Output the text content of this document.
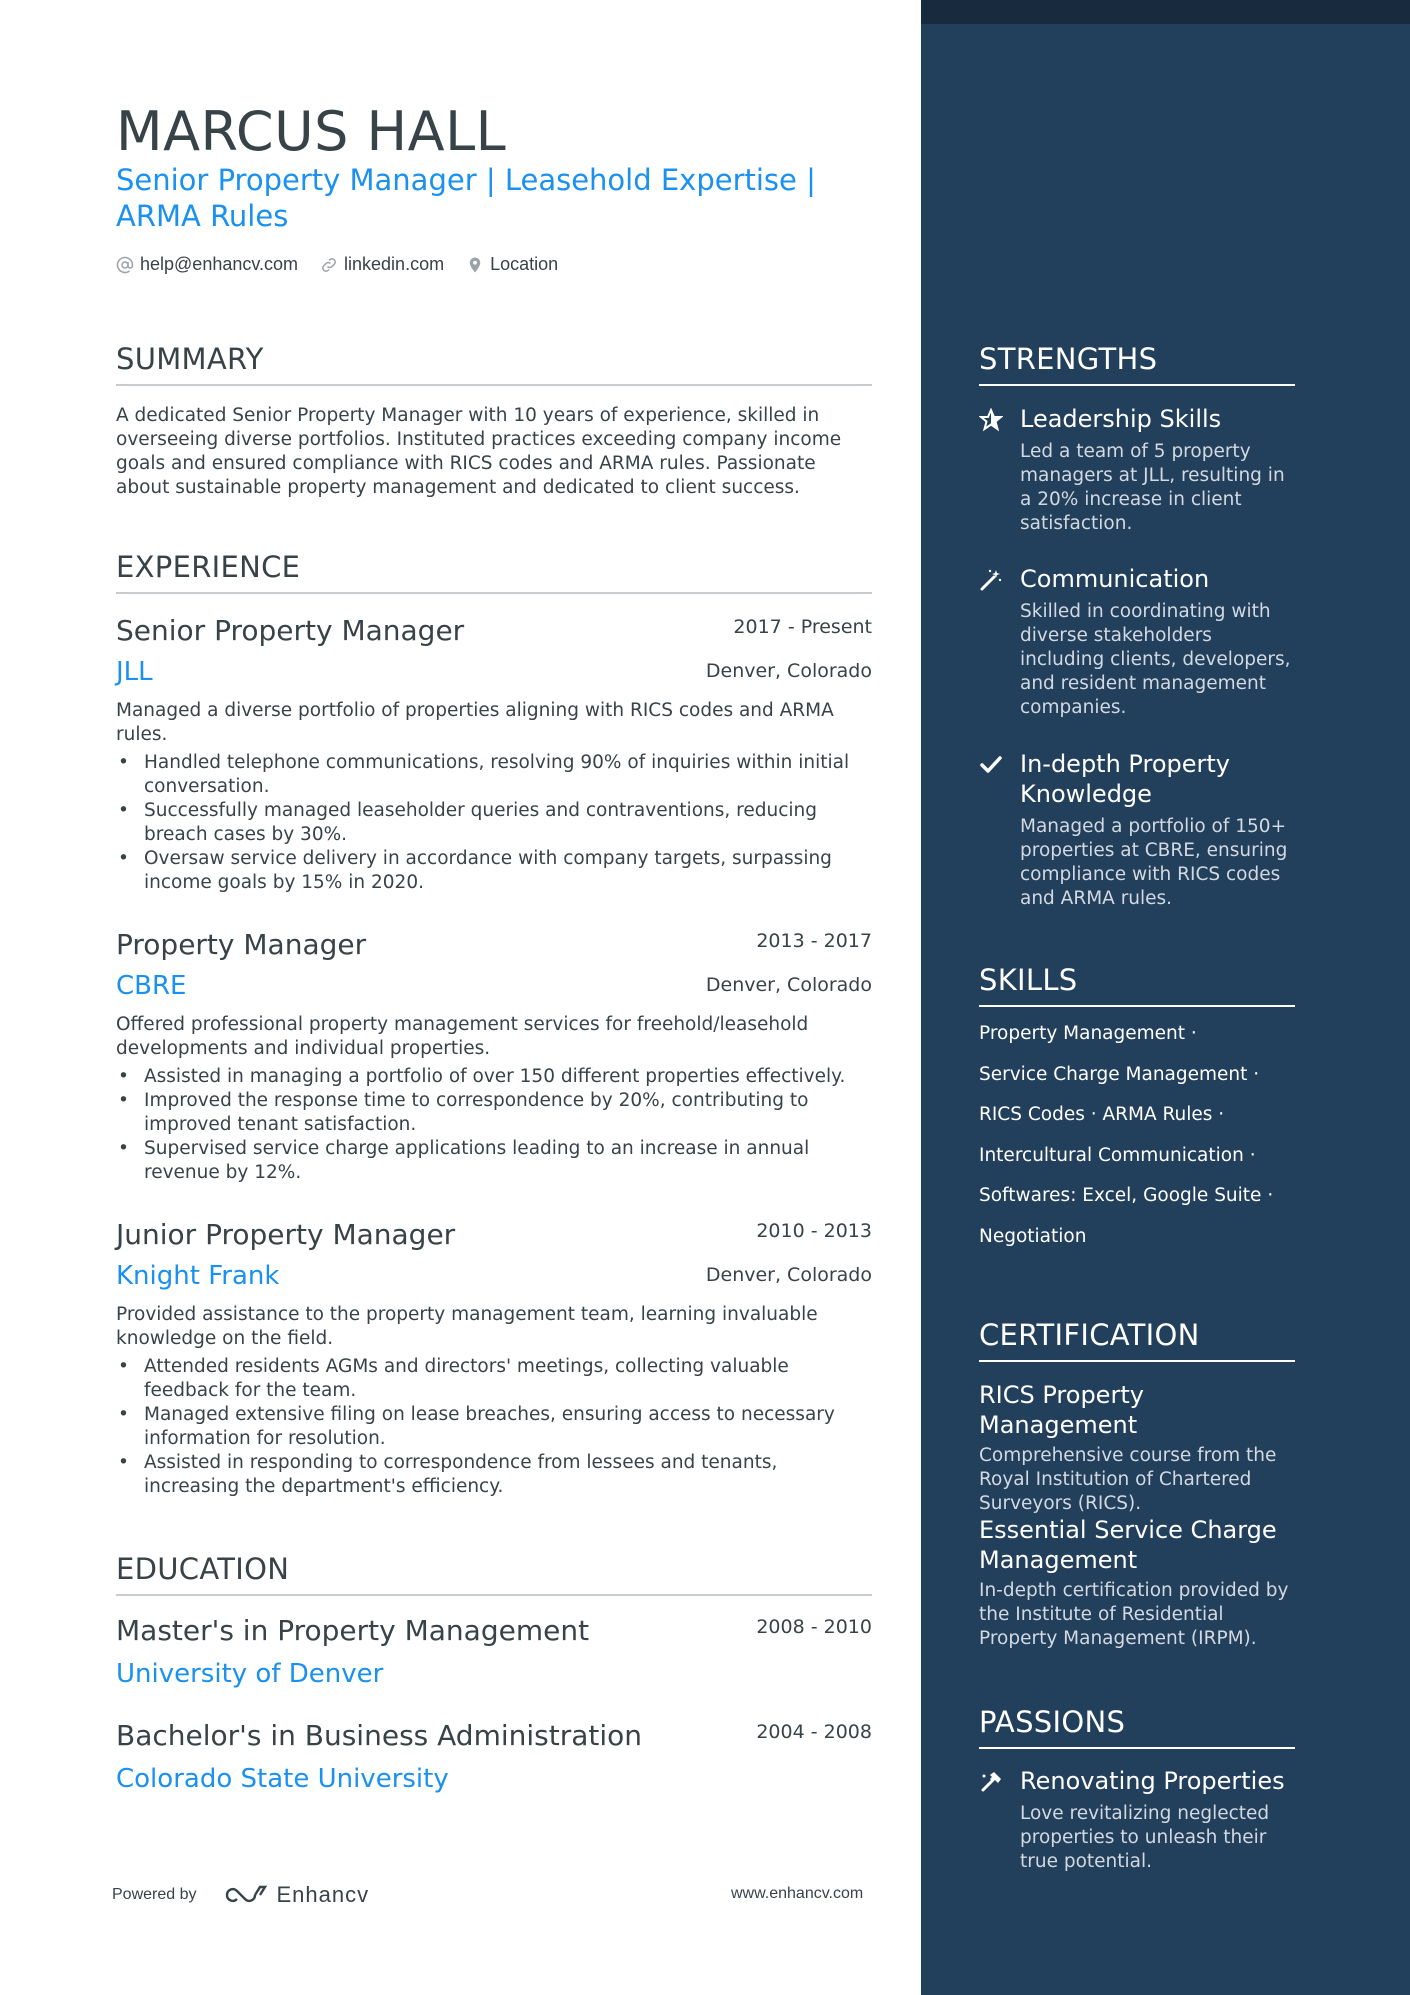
MARCUS HALL
Senior Property Manager | Leasehold Expertise | ARMA Rules
help@enhancv.com	linkedin.com	Location
SUMMARY
A dedicated Senior Property Manager with 10 years of experience, skilled in overseeing diverse portfolios. Instituted practices exceeding company income goals and ensured compliance with RICS codes and ARMA rules. Passionate about sustainable property management and dedicated to client success.
EXPERIENCE
Senior Property Manager	2017 - Present
JLL	Denver, Colorado
Managed a diverse portfolio of properties aligning with RICS codes and ARMA rules.
• Handled telephone communications, resolving 90% of inquiries within initial conversation.
• Successfully managed leaseholder queries and contraventions, reducing breach cases by 30%.
• Oversaw service delivery in accordance with company targets, surpassing income goals by 15% in 2020.
Property Manager	2013 - 2017
CBRE	Denver, Colorado
Offered professional property management services for freehold/leasehold developments and individual properties.
• Assisted in managing a portfolio of over 150 different properties effectively.
• Improved the response time to correspondence by 20%, contributing to improved tenant satisfaction.
• Supervised service charge applications leading to an increase in annual revenue by 12%.
Junior Property Manager	2010 - 2013
Knight Frank	Denver, Colorado
Provided assistance to the property management team, learning invaluable knowledge on the field.
• Attended residents AGMs and directors' meetings, collecting valuable feedback for the team.
• Managed extensive filing on lease breaches, ensuring access to necessary information for resolution.
• Assisted in responding to correspondence from lessees and tenants, increasing the department's efficiency.
EDUCATION
Master's in Property Management	2008 - 2010
University of Denver
Bachelor's in Business Administration	2004 - 2008
Colorado State University
Powered by	Enhancv	www.enhancv.com
STRENGTHS
Leadership Skills
Led a team of 5 property managers at JLL, resulting in a 20% increase in client satisfaction.
Communication
Skilled in coordinating with diverse stakeholders including clients, developers, and resident management companies.
In-depth Property Knowledge
Managed a portfolio of 150+ properties at CBRE, ensuring compliance with RICS codes and ARMA rules.
SKILLS
Property Management ·
Service Charge Management ·
RICS Codes · ARMA Rules ·
Intercultural Communication ·
Softwares: Excel, Google Suite ·
Negotiation
CERTIFICATION
RICS Property Management
Comprehensive course from the Royal Institution of Chartered Surveyors (RICS).
Essential Service Charge Management
In-depth certification provided by the Institute of Residential Property Management (IRPM).
PASSIONS
Renovating Properties
Love revitalizing neglected properties to unleash their true potential.
